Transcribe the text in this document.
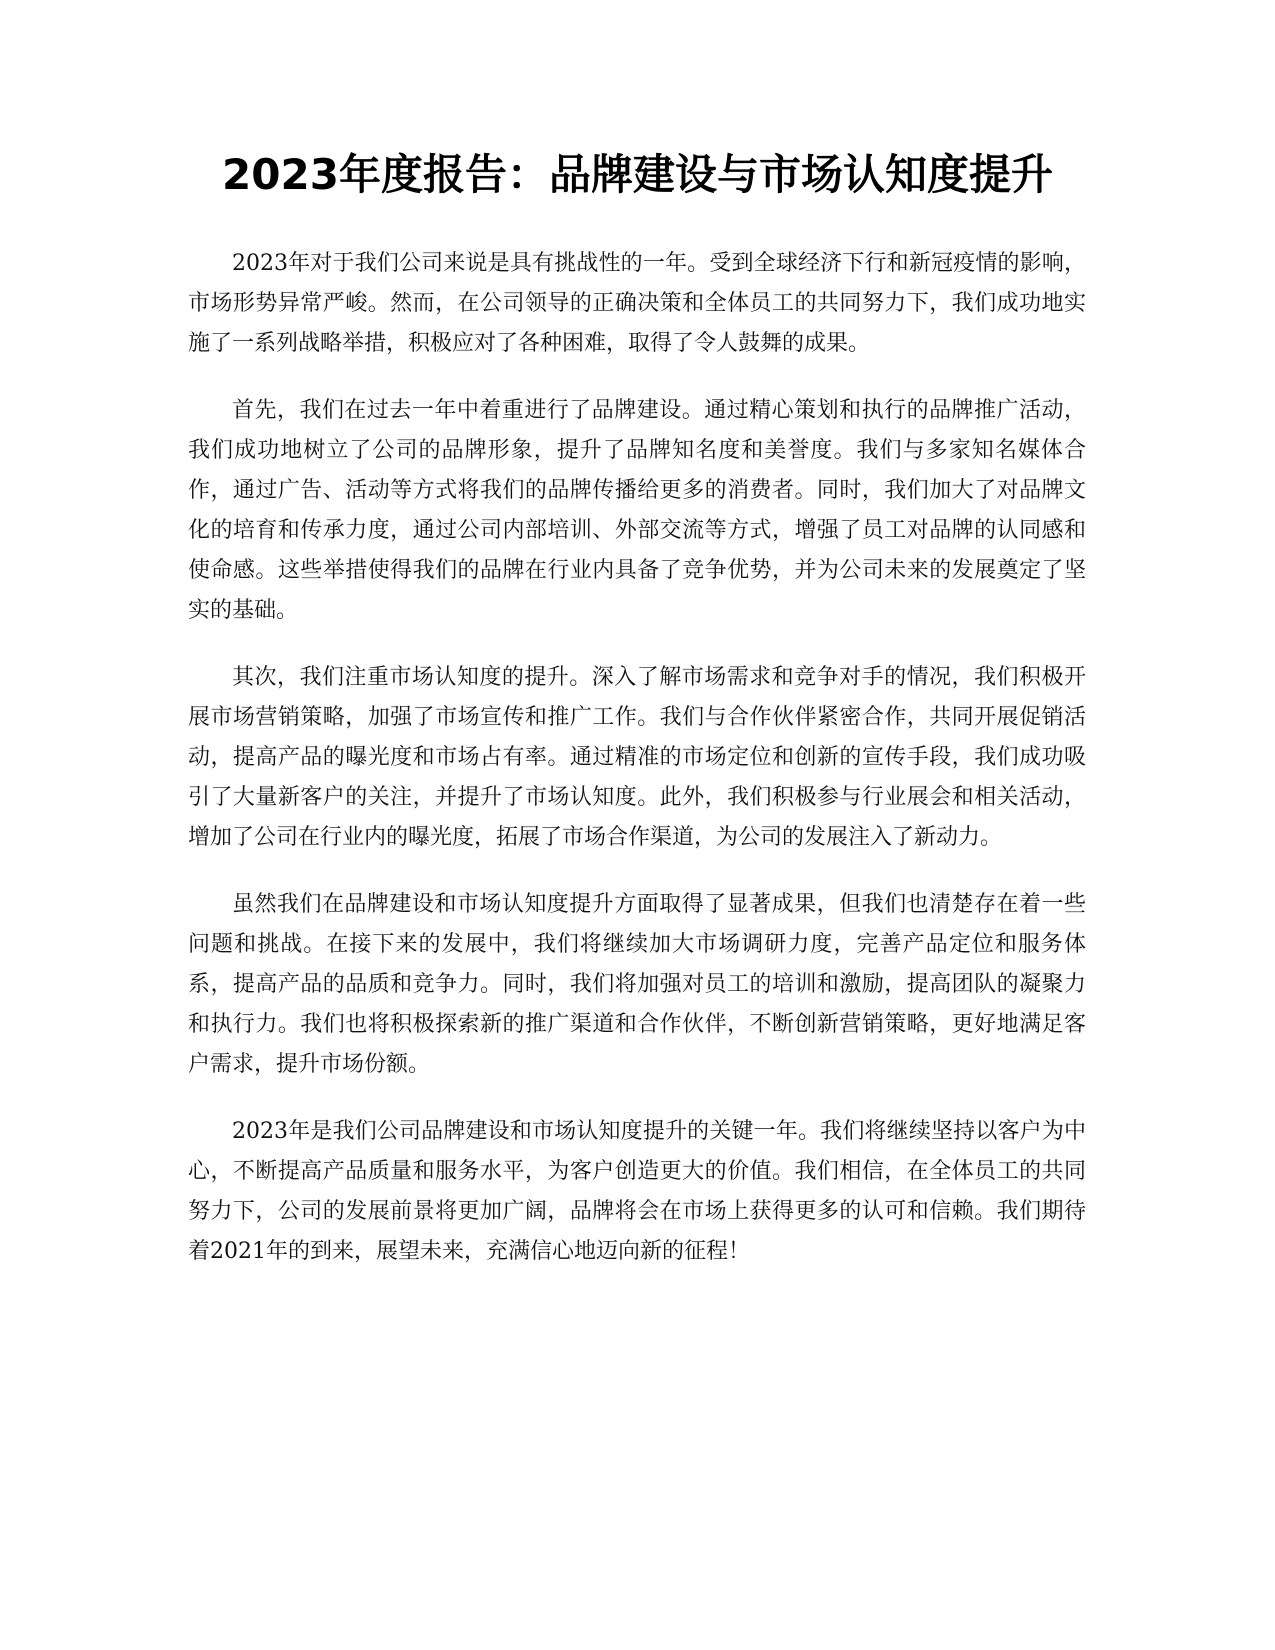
2023年度报告：品牌建设与市场认知度提升

2023年对于我们公司来说是具有挑战性的一年。受到全球经济下行和新冠疫情的影响，市场形势异常严峻。然而，在公司领导的正确决策和全体员工的共同努力下，我们成功地实施了一系列战略举措，积极应对了各种困难，取得了令人鼓舞的成果。

首先，我们在过去一年中着重进行了品牌建设。通过精心策划和执行的品牌推广活动，我们成功地树立了公司的品牌形象，提升了品牌知名度和美誉度。我们与多家知名媒体合作，通过广告、活动等方式将我们的品牌传播给更多的消费者。同时，我们加大了对品牌文化的培育和传承力度，通过公司内部培训、外部交流等方式，增强了员工对品牌的认同感和使命感。这些举措使得我们的品牌在行业内具备了竞争优势，并为公司未来的发展奠定了坚实的基础。

其次，我们注重市场认知度的提升。深入了解市场需求和竞争对手的情况，我们积极开展市场营销策略，加强了市场宣传和推广工作。我们与合作伙伴紧密合作，共同开展促销活动，提高产品的曝光度和市场占有率。通过精准的市场定位和创新的宣传手段，我们成功吸引了大量新客户的关注，并提升了市场认知度。此外，我们积极参与行业展会和相关活动，增加了公司在行业内的曝光度，拓展了市场合作渠道，为公司的发展注入了新动力。

虽然我们在品牌建设和市场认知度提升方面取得了显著成果，但我们也清楚存在着一些问题和挑战。在接下来的发展中，我们将继续加大市场调研力度，完善产品定位和服务体系，提高产品的品质和竞争力。同时，我们将加强对员工的培训和激励，提高团队的凝聚力和执行力。我们也将积极探索新的推广渠道和合作伙伴，不断创新营销策略，更好地满足客户需求，提升市场份额。

2023年是我们公司品牌建设和市场认知度提升的关键一年。我们将继续坚持以客户为中心，不断提高产品质量和服务水平，为客户创造更大的价值。我们相信，在全体员工的共同努力下，公司的发展前景将更加广阔，品牌将会在市场上获得更多的认可和信赖。我们期待着2021年的到来，展望未来，充满信心地迈向新的征程！
